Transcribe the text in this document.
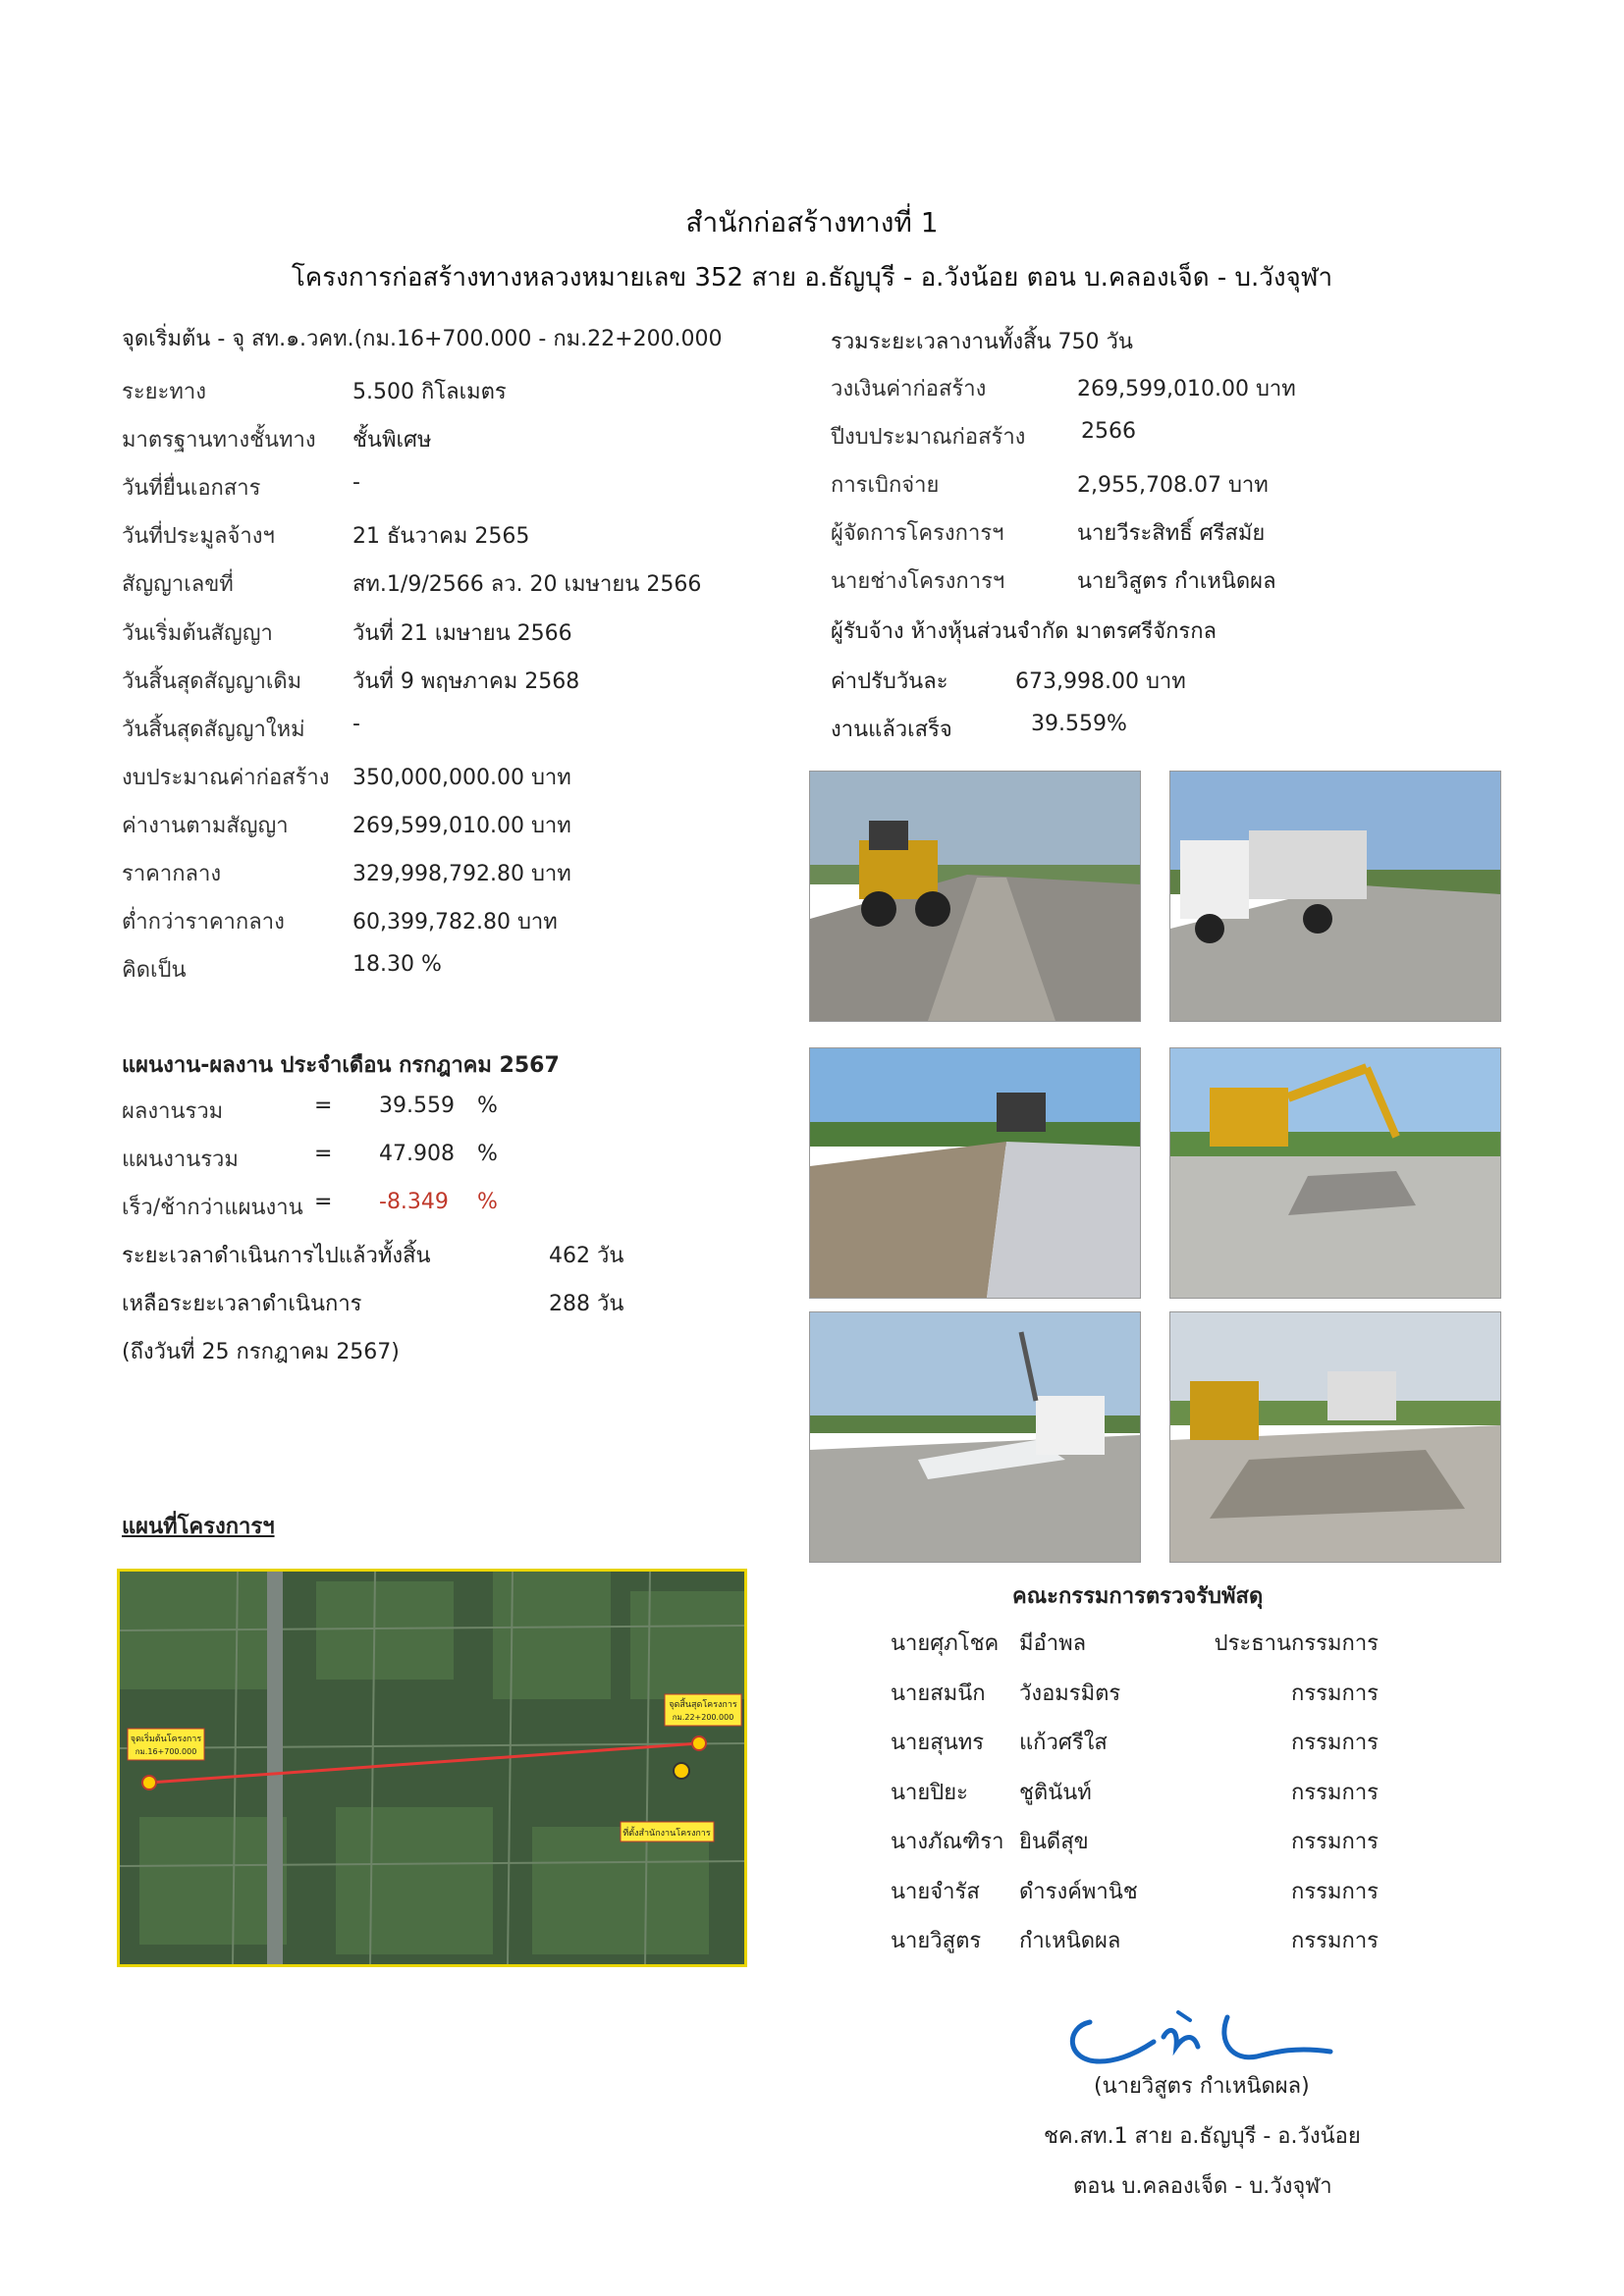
สำนักก่อสร้างทางที่ 1
โครงการก่อสร้างทางหลวงหมายเลข 352 สาย อ.ธัญบุรี - อ.วังน้อย ตอน บ.คลองเจ็ด - บ.วังจุฬา
จุดเริ่มต้น - จุ สท.๑.วคท.(กม.16+700.000 - กม.22+200.000
ระยะทาง	5.500 กิโลเมตร
มาตรฐานทางชั้นทาง ชั้นพิเศษ
วันที่ยื่นเอกสาร	-
วันที่ประมูลจ้างฯ	21 ธันวาคม 2565
สัญญาเลขที่	สท.1/9/2566 ลว. 20 เมษายน 2566
วันเริ่มต้นสัญญา	วันที่ 21 เมษายน 2566
วันสิ้นสุดสัญญาเดิม วันที่ 9 พฤษภาคม 2568
วันสิ้นสุดสัญญาใหม่ -
งบประมาณค่าก่อสร้าง 350,000,000.00 บาท
ค่างานตามสัญญา	269,599,010.00 บาท
ราคากลาง	329,998,792.80 บาท
ต่ำกว่าราคากลาง	60,399,782.80 บาท
คิดเป็น	18.30 %
รวมระยะเวลางานทั้งสิ้น 750 วัน
วงเงินค่าก่อสร้าง	269,599,010.00 บาท
ปีงบประมาณก่อสร้าง	2566
การเบิกจ่าย	2,955,708.07 บาท
ผู้จัดการโครงการฯ	นายวีระสิทธิ์ ศรีสมัย
นายช่างโครงการฯ	นายวิสูตร กำเหนิดผล
ผู้รับจ้าง ห้างหุ้นส่วนจำกัด มาตรศรีจักรกล
ค่าปรับวันละ	673,998.00 บาท
งานแล้วเสร็จ	39.559%
แผนงาน-ผลงาน ประจำเดือน กรกฎาคม 2567
ผลงานรวม	= 39.559 %
แผนงานรวม	= 47.908 %
เร็ว/ช้ากว่าแผนงาน = -8.349 %
ระยะเวลาดำเนินการไปแล้วทั้งสิ้น	462 วัน
เหลือระยะเวลาดำเนินการ	288 วัน
(ถึงวันที่ 25 กรกฎาคม 2567)
แผนที่โครงการฯ
จุดเริ่มต้นโครงการ
กม.16+700.000
จุดสิ้นสุดโครงการ
กม.22+200.000
ที่ตั้งสำนักงานโครงการ
คณะกรรมการตรวจรับพัสดุ
นายศุภโชค มีอำพล	ประธานกรรมการ
นายสมนึก วังอมรมิตร	กรรมการ
นายสุนทร แก้วศรีใส	กรรมการ
นายปิยะ ชูตินันท์	กรรมการ
นางภัณฑิรา ยินดีสุข	กรรมการ
นายจำรัส ดำรงค์พานิช	กรรมการ
นายวิสูตร กำเหนิดผล	กรรมการ
(นายวิสูตร กำเหนิดผล)
ชค.สท.1 สาย อ.ธัญบุรี - อ.วังน้อย
ตอน บ.คลองเจ็ด - บ.วังจุฬา
